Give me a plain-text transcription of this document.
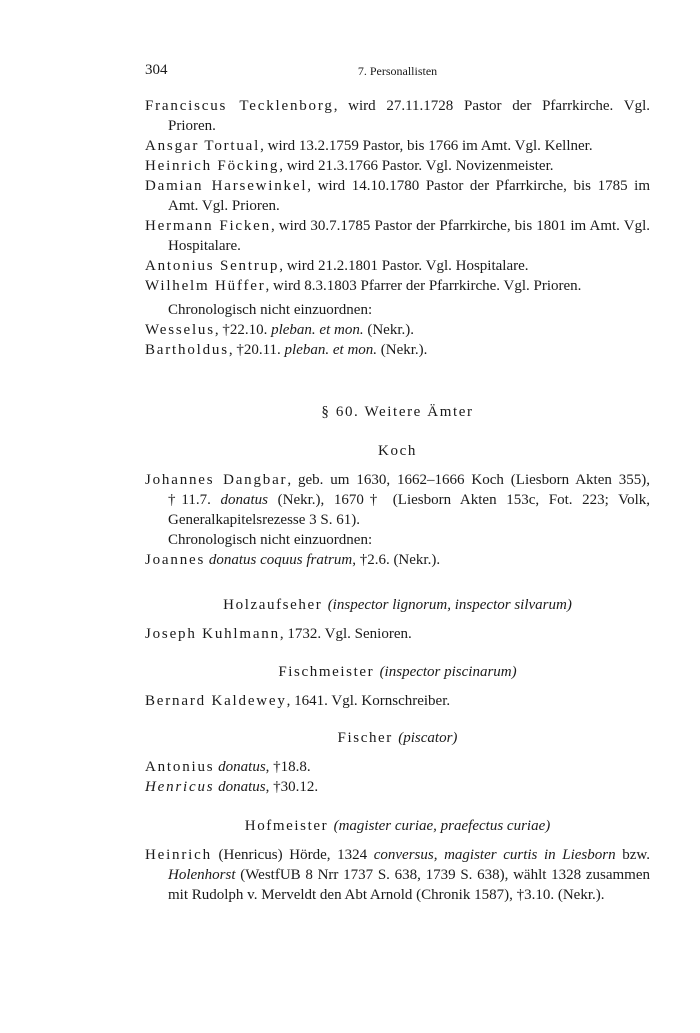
304	7. Personallisten

Franciscus Tecklenborg, wird 27.11.1728 Pastor der Pfarrkirche. Vgl. Prioren.

Ansgar Tortual, wird 13.2.1759 Pastor, bis 1766 im Amt. Vgl. Kellner.

Heinrich Föcking, wird 21.3.1766 Pastor. Vgl. Novizenmeister.

Damian Harsewinkel, wird 14.10.1780 Pastor der Pfarrkirche, bis 1785 im Amt. Vgl. Prioren.

Hermann Ficken, wird 30.7.1785 Pastor der Pfarrkirche, bis 1801 im Amt. Vgl. Hospitalare.

Antonius Sentrup, wird 21.2.1801 Pastor. Vgl. Hospitalare.

Wilhelm Hüffer, wird 8.3.1803 Pfarrer der Pfarrkirche. Vgl. Prioren.

Chronologisch nicht einzuordnen:

Wesselus, †22.10. pleban. et mon. (Nekr.).

Bartholdus, †20.11. pleban. et mon. (Nekr.).

§ 60. Weitere Ämter
Koch

Johannes Dangbar, geb. um 1630, 1662–1666 Koch (Liesborn Akten 355), †11.7. donatus (Nekr.), 1670† (Liesborn Akten 153c, Fot. 223; Volk, Generalkapitelsrezesse 3 S. 61).

Chronologisch nicht einzuordnen:

Joannes donatus coquus fratrum, †2.6. (Nekr.).

Holzaufseher (inspector lignorum, inspector silvarum)

Joseph Kuhlmann, 1732. Vgl. Senioren.

Fischmeister (inspector piscinarum)

Bernard Kaldewey, 1641. Vgl. Kornschreiber.

Fischer (piscator)

Antonius donatus, †18.8.

Henricus donatus, †30.12.

Hofmeister (magister curiae, praefectus curiae)

Heinrich (Henricus) Hörde, 1324 conversus, magister curtis in Liesborn bzw. Holenhorst (WestfUB 8 Nrr 1737 S. 638, 1739 S. 638), wählt 1328 zusammen mit Rudolph v. Merveldt den Abt Arnold (Chronik 1587), †3.10. (Nekr.).
